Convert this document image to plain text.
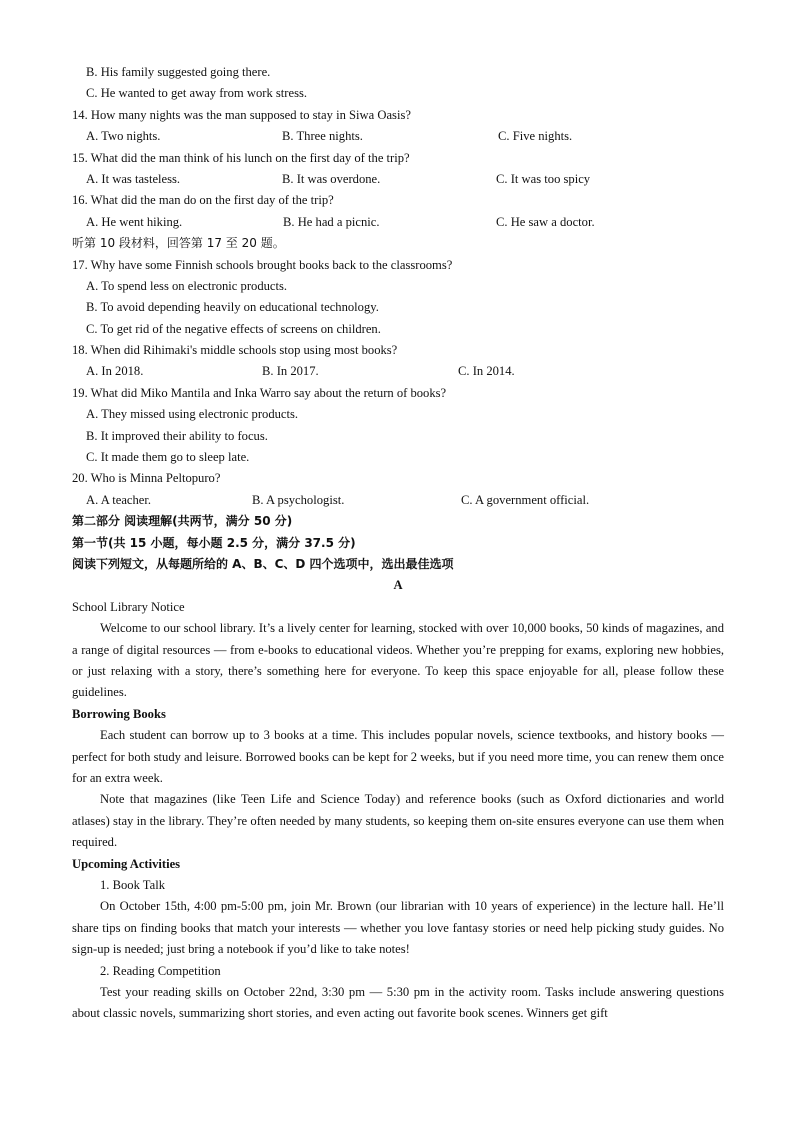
B. His family suggested going there.
C. He wanted to get away from work stress.
14. How many nights was the man supposed to stay in Siwa Oasis?
A. Two nights.	B. Three nights.	C. Five nights.
15. What did the man think of his lunch on the first day of the trip?
A. It was tasteless.	B. It was overdone.	C. It was too spicy
16. What did the man do on the first day of the trip?
A. He went hiking.	B. He had a picnic.	C. He saw a doctor.
听第 10 段材料，回答第 17 至 20 题。
17. Why have some Finnish schools brought books back to the classrooms?
A. To spend less on electronic products.
B. To avoid depending heavily on educational technology.
C. To get rid of the negative effects of screens on children.
18. When did Rihimaki's middle schools stop using most books?
A. In 2018.	B. In 2017.	C. In 2014.
19. What did Miko Mantila and Inka Warro say about the return of books?
A. They missed using electronic products.
B. It improved their ability to focus.
C. It made them go to sleep late.
20. Who is Minna Peltopuro?
A. A teacher.	B. A psychologist.	C. A government official.
第二部分 阅读理解(共两节，满分 50 分)
第一节(共 15 小题，每小题 2.5 分，满分 37.5 分)
阅读下列短文，从每题所给的 A、B、C、D 四个选项中，选出最佳选项
A
School Library Notice

Welcome to our school library. It’s a lively center for learning, stocked with over 10,000 books, 50 kinds of magazines, and a range of digital resources — from e-books to educational videos. Whether you’re prepping for exams, exploring new hobbies, or just relaxing with a story, there’s something here for everyone. To keep this space enjoyable for all, please follow these guidelines.

Borrowing Books

Each student can borrow up to 3 books at a time. This includes popular novels, science textbooks, and history books — perfect for both study and leisure. Borrowed books can be kept for 2 weeks, but if you need more time, you can renew them once for an extra week.

Note that magazines (like Teen Life and Science Today) and reference books (such as Oxford dictionaries and world atlases) stay in the library. They’re often needed by many students, so keeping them on-site ensures everyone can use them when required.

Upcoming Activities
1. Book Talk

On October 15th, 4:00 pm-5:00 pm, join Mr. Brown (our librarian with 10 years of experience) in the lecture hall. He’ll share tips on finding books that match your interests — whether you love fantasy stories or need help picking study guides. No sign-up is needed; just bring a notebook if you’d like to take notes!

2. Reading Competition

Test your reading skills on October 22nd, 3:30 pm — 5:30 pm in the activity room. Tasks include answering questions about classic novels, summarizing short stories, and even acting out favorite book scenes. Winners get gift
